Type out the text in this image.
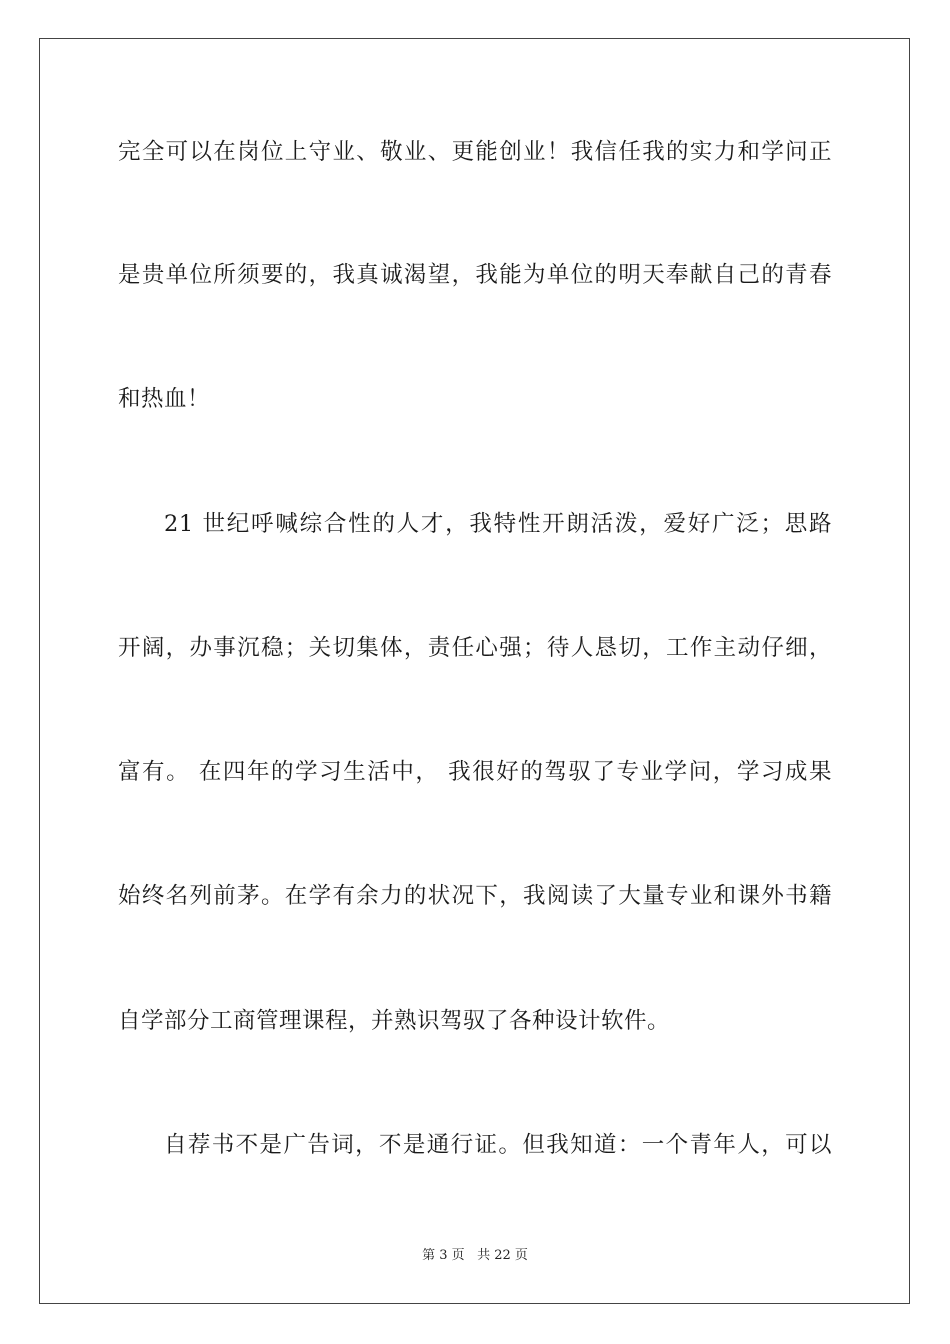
完全可以在岗位上守业、敬业、更能创业！我信任我的实力和学问正
是贵单位所须要的，我真诚渴望，我能为单位的明天奉献自己的青春
和热血！
21 世纪呼喊综合性的人才，我特性开朗活泼，爱好广泛；思路
开阔，办事沉稳；关切集体，责任心强；待人恳切，工作主动仔细，
富有。 在四年的学习生活中， 我很好的驾驭了专业学问，学习成果
始终名列前茅。在学有余力的状况下，我阅读了大量专业和课外书籍
自学部分工商管理课程，并熟识驾驭了各种设计软件。
自荐书不是广告词，不是通行证。但我知道：一个青年人，可以
第 3 页 共 22 页
